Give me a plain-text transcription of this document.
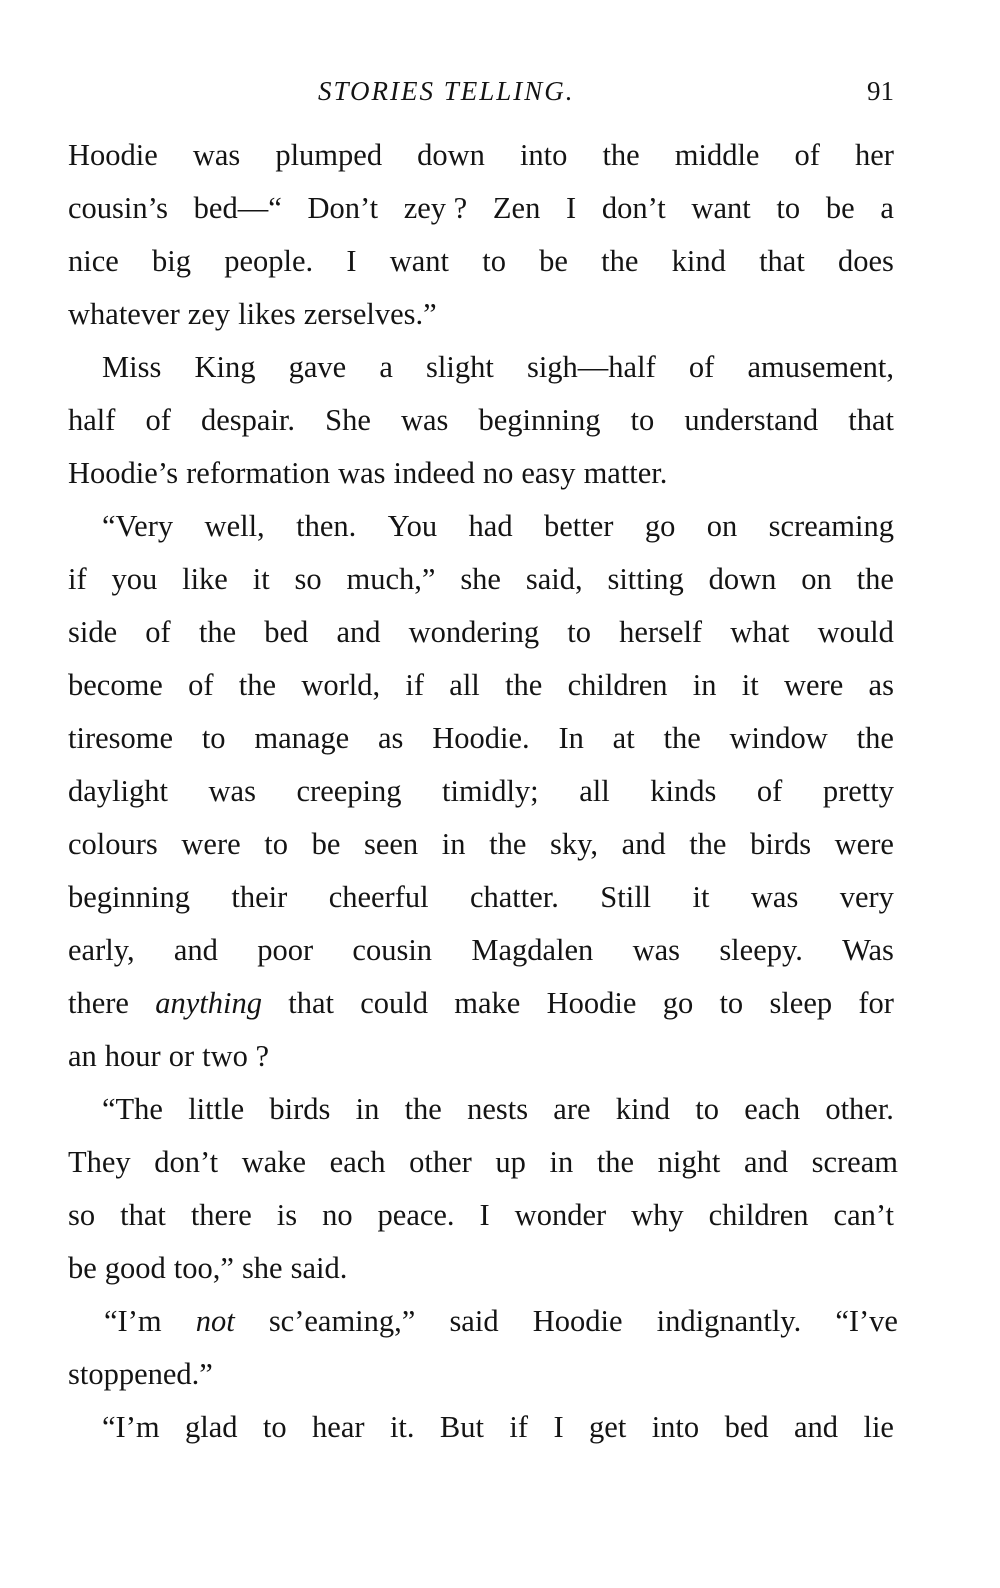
STORIES TELLING.	91
Hoodie was plumped down into the middle of her
cousin’s bed—“ Don’t zey ? Zen I don’t want to be a
nice big people. I want to be the kind that does
whatever zey likes zerselves.”
Miss King gave a slight sigh—half of amusement,
half of despair. She was beginning to understand that
Hoodie’s reformation was indeed no easy matter.
“Very well, then. You had better go on screaming
if you like it so much,” she said, sitting down on the
side of the bed and wondering to herself what would
become of the world, if all the children in it were as
tiresome to manage as Hoodie. In at the window the
daylight was creeping timidly; all kinds of pretty
colours were to be seen in the sky, and the birds were
beginning their cheerful chatter. Still it was very
early, and poor cousin Magdalen was sleepy. Was
there anything that could make Hoodie go to sleep for
an hour or two ?
“The little birds in the nests are kind to each other.
They don’t wake each other up in the night and scream
so that there is no peace. I wonder why children can’t
be good too,” she said.
“I’m not sc’eaming,” said Hoodie indignantly. “I’ve
stoppened.”
“I’m glad to hear it. But if I get into bed and lie
